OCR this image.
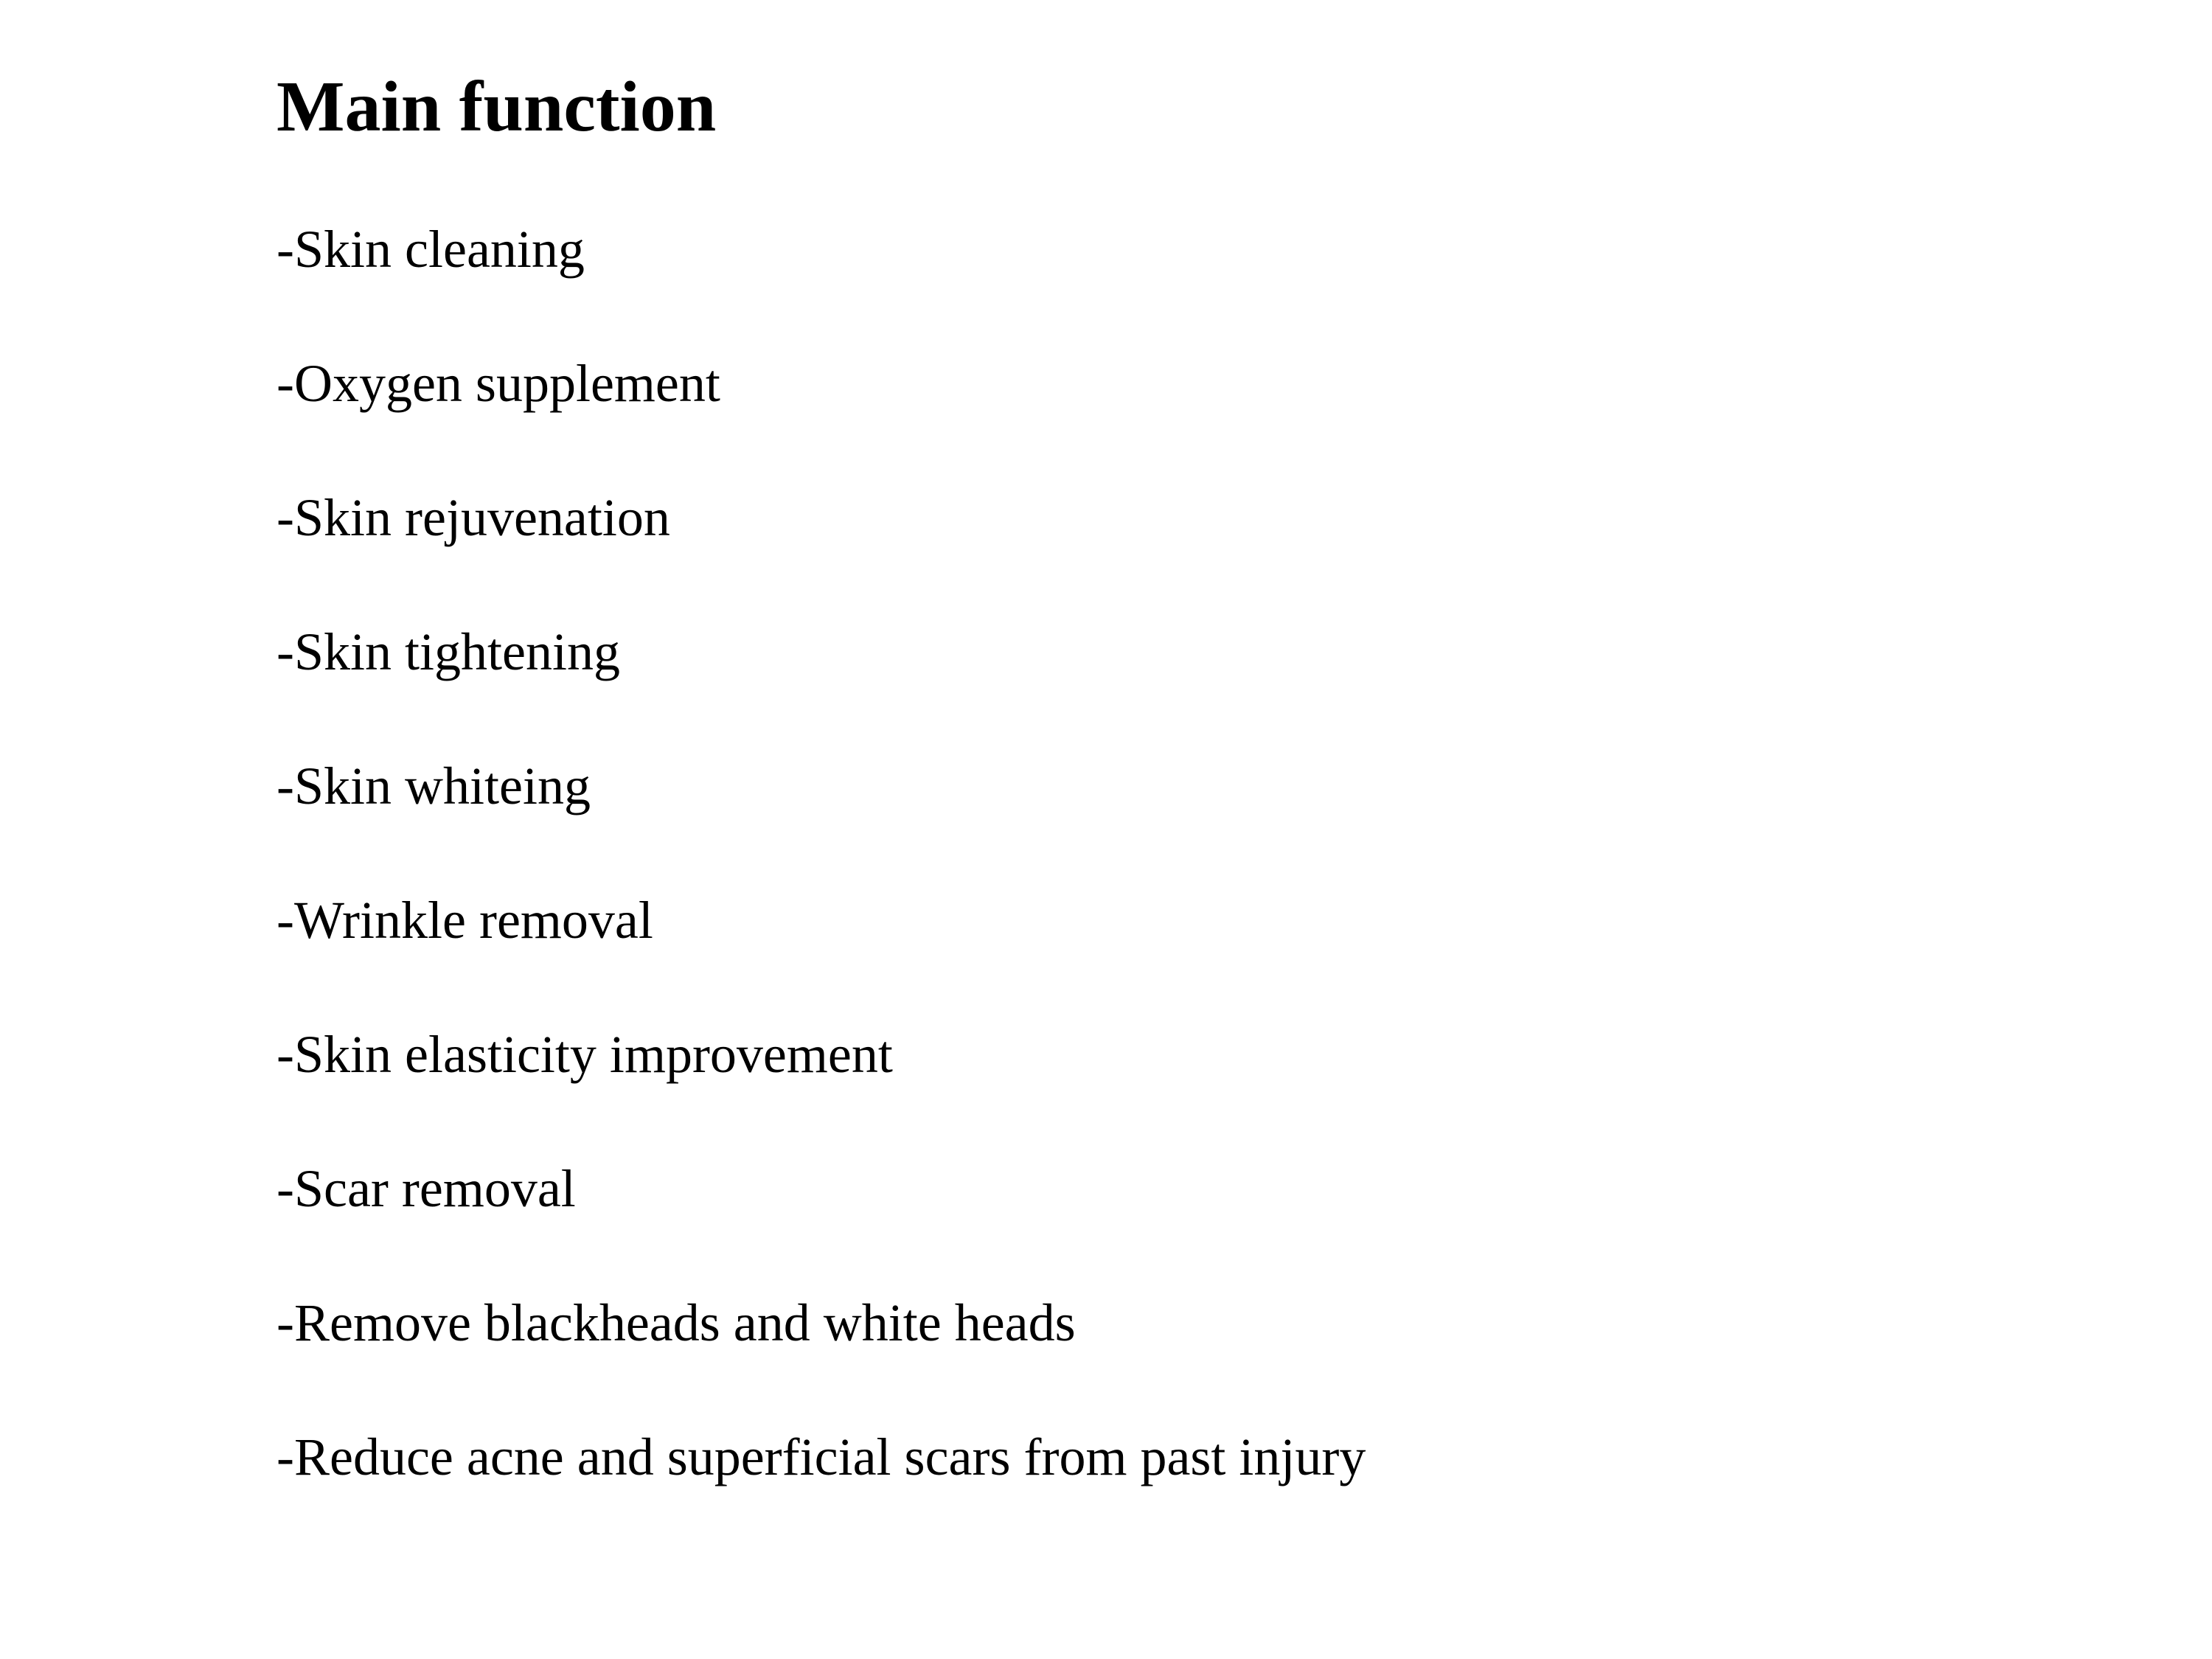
Main function
-Skin cleaning
-Oxygen supplement
-Skin rejuvenation
-Skin tightening
-Skin whiteing
-Wrinkle removal
-Skin elasticity improvement
-Scar removal
-Remove blackheads and white heads
-Reduce acne and superficial scars from past injury
